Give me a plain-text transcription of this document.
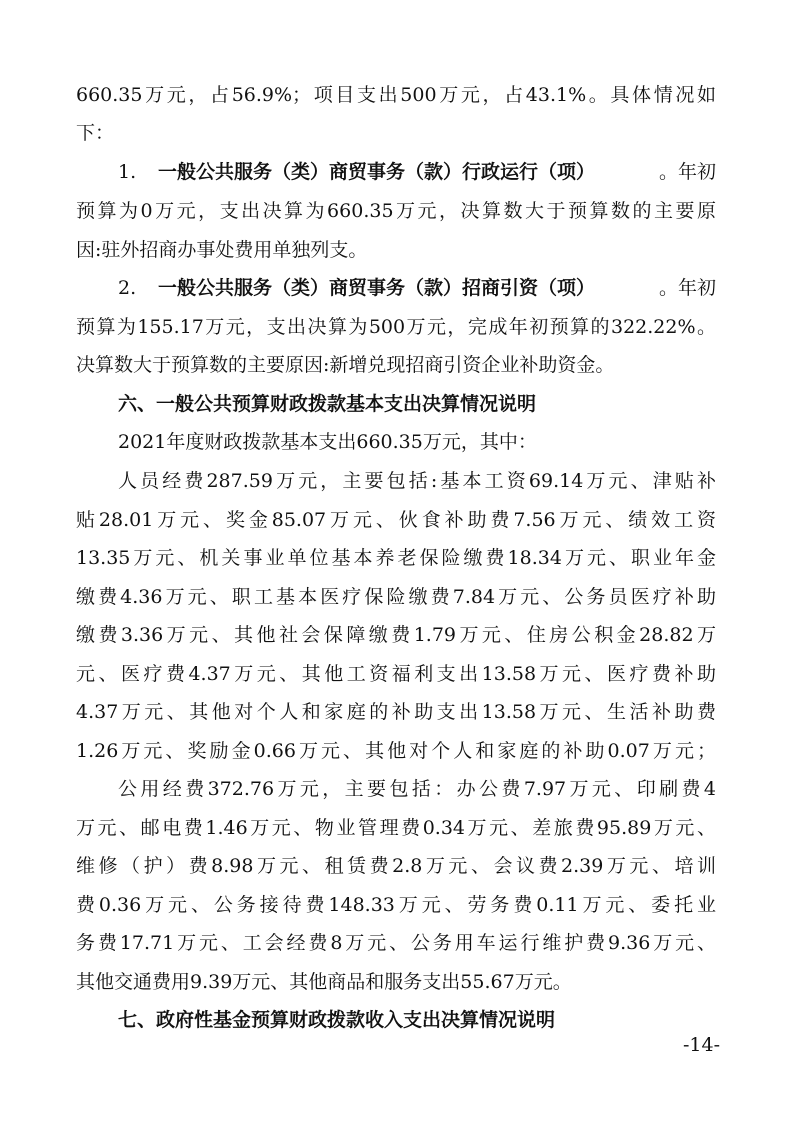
660.35万元，占56.9%；项目支出500万元，占43.1%。具体情况如
下：
1.	一般公共服务（类）商贸事务（款）行政运行（项）	。年初
预算为0万元，支出决算为660.35万元，决算数大于预算数的主要原
因:驻外招商办事处费用单独列支。
2.	一般公共服务（类）商贸事务（款）招商引资（项）	。年初
预算为155.17万元，支出决算为500万元，完成年初预算的322.22%。
决算数大于预算数的主要原因:新增兑现招商引资企业补助资金。
六、一般公共预算财政拨款基本支出决算情况说明
2021年度财政拨款基本支出660.35万元，其中：
人员经费287.59万元，主要包括:基本工资69.14万元、津贴补
贴28.01万元、奖金85.07万元、伙食补助费7.56万元、绩效工资
13.35万元、机关事业单位基本养老保险缴费18.34万元、职业年金
缴费4.36万元、职工基本医疗保险缴费7.84万元、公务员医疗补助
缴费3.36万元、其他社会保障缴费1.79万元、住房公积金28.82万
元、医疗费4.37万元、其他工资福利支出13.58万元、医疗费补助
4.37万元、其他对个人和家庭的补助支出13.58万元、生活补助费
1.26万元、奖励金0.66万元、其他对个人和家庭的补助0.07万元；
公用经费372.76万元，主要包括：办公费7.97万元、印刷费4
万元、邮电费1.46万元、物业管理费0.34万元、差旅费95.89万元、
维修（护）费8.98万元、租赁费2.8万元、会议费2.39万元、培训
费0.36万元、公务接待费148.33万元、劳务费0.11万元、委托业
务费17.71万元、工会经费8万元、公务用车运行维护费9.36万元、
其他交通费用9.39万元、其他商品和服务支出55.67万元。
七、政府性基金预算财政拨款收入支出决算情况说明
-14-
